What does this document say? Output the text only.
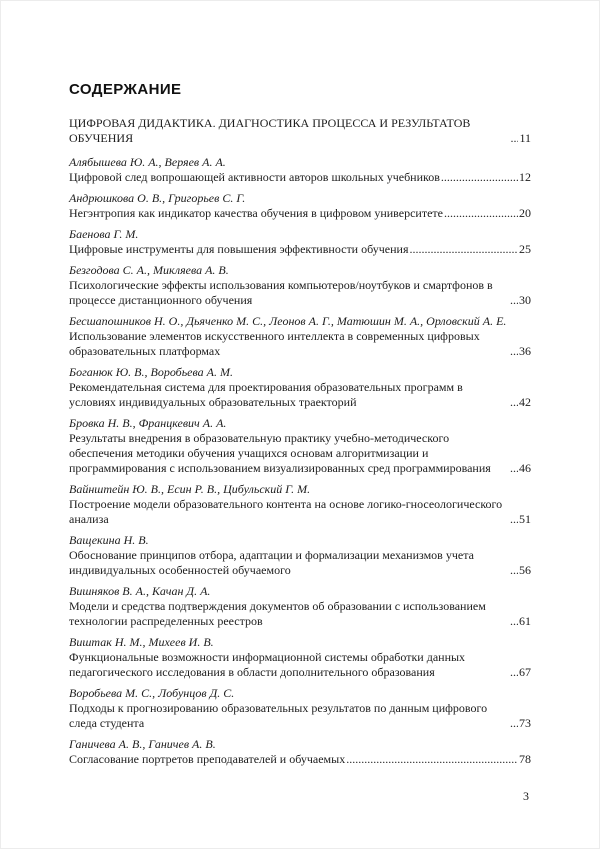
СОДЕРЖАНИЕ
ЦИФРОВАЯ ДИДАКТИКА. ДИАГНОСТИКА ПРОЦЕССА И РЕЗУЛЬТАТОВ ОБУЧЕНИЯ .....	11
Алябышева Ю. А., Веряев А. А.
Цифровой след вопрошающей активности авторов школьных учебников .....	12
Андрюшкова О. В., Григорьев С. Г.
Негэнтропия как индикатор качества обучения в цифровом университете .....	20
Баенова Г. М.
Цифровые инструменты для повышения эффективности обучения .....	25
Безгодова С. А., Микляева А. В.
Психологические эффекты использования компьютеров/ноутбуков и смартфонов в процессе дистанционного обучения .....	30
Бесшапошников Н. О., Дьяченко М. С., Леонов А. Г., Матюшин М. А., Орловский А. Е.
Использование элементов искусственного интеллекта в современных цифровых образовательных платформах .....	36
Боганюк Ю. В., Воробьева А. М.
Рекомендательная система для проектирования образовательных программ в условиях индивидуальных образовательных траекторий .....	42
Бровка Н. В., Францкевич А. А.
Результаты внедрения в образовательную практику учебно-методического обеспечения методики обучения учащихся основам алгоритмизации и программирования с использованием визуализированных сред программирования .....	46
Вайнштейн Ю. В., Есин Р. В., Цибульский Г. М.
Построение модели образовательного контента на основе логико-гносеологического анализа .....	51
Ващекина Н. В.
Обоснование принципов отбора, адаптации и формализации механизмов учета индивидуальных особенностей обучаемого .....	56
Вишняков В. А., Качан Д. А.
Модели и средства подтверждения документов об образовании с использованием технологии распределенных реестров .....	61
Виштак Н. М., Михеев И. В.
Функциональные возможности информационной системы обработки данных педагогического исследования в области дополнительного образования .....	67
Воробьева М. С., Лобунцов Д. С.
Подходы к прогнозированию образовательных результатов по данным цифрового следа студента .....	73
Ганичева А. В., Ганичев А. В.
Согласование портретов преподавателей и обучаемых .....	78
3
